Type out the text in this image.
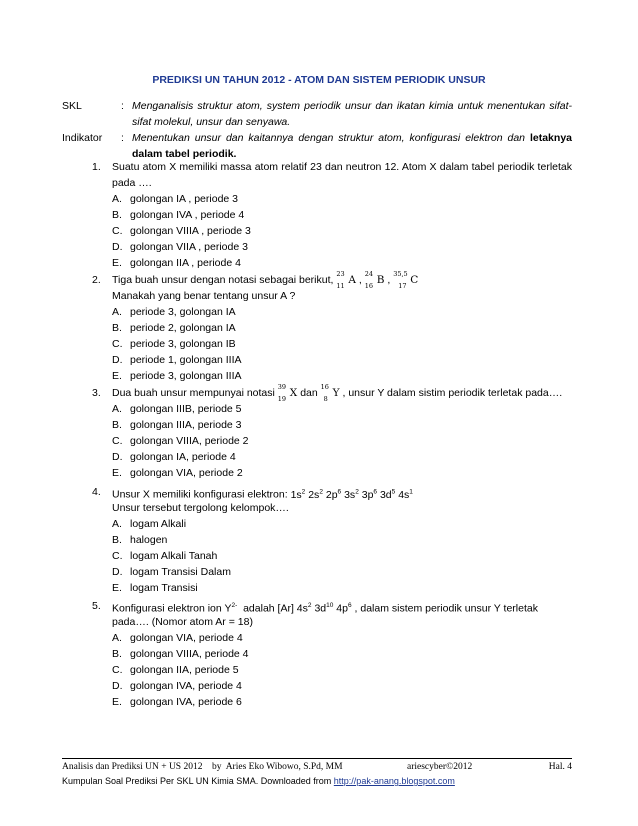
PREDIKSI UN TAHUN 2012 - ATOM DAN SISTEM PERIODIK UNSUR
SKL	: Menganalisis struktur atom, system periodik unsur dan ikatan kimia untuk menentukan sifat-sifat molekul, unsur dan senyawa.
Indikator : Menentukan unsur dan kaitannya dengan struktur atom, konfigurasi elektron dan letaknya dalam tabel periodik.
1. Suatu atom X memiliki massa atom relatif 23 dan neutron 12. Atom X dalam tabel periodik terletak pada ….
A. golongan IA , periode 3
B. golongan IVA , periode 4
C. golongan VIIIA , periode 3
D. golongan VIIA , periode 3
E. golongan IIA , periode 4
2. Tiga buah unsur dengan notasi sebagai berikut, 23
11 A , 24
16 B , 35,5
17 C
Manakah yang benar tentang unsur A ?
A. periode 3, golongan IA
B. periode 2, golongan IA
C. periode 3, golongan IB
D. periode 1, golongan IIIA
E. periode 3, golongan IIIA
3. Dua buah unsur mempunyai notasi 39
19 X dan 16
8 Y , unsur Y dalam sistim periodik terletak pada….
A. golongan IIIB, periode 5
B. golongan IIIA, periode 3
C. golongan VIIIA, periode 2
D. golongan IA, periode 4
E. golongan VIA, periode 2
4. Unsur X memiliki konfigurasi elektron: $1s^2$ $2s^2$ $2p^6$ $3s^2$ $3p^6$ $3d^5$ $4s^1$
Unsur tersebut tergolong kelompok….
A. logam Alkali
B. halogen
C. logam Alkali Tanah
D. logam Transisi Dalam
E. logam Transisi
5. Konfigurasi elektron ion $Y^{2-}$ adalah [Ar] $4s^2$ $3d^{10}$ $4p^6$ , dalam sistem periodik unsur Y terletak
pada…. (Nomor atom Ar = 18)
A. golongan VIA, periode 4
B. golongan VIIIA, periode 4
C. golongan IIA, periode 5
D. golongan IVA, periode 4
E. golongan IVA, periode 6
Analisis dan Prediksi UN + US 2012    by  Aries Eko Wibowo, S.Pd, MM	ariescyber©2012	Hal. 4
Kumpulan Soal Prediksi Per SKL UN Kimia SMA. Downloaded from http://pak-anang.blogspot.com
